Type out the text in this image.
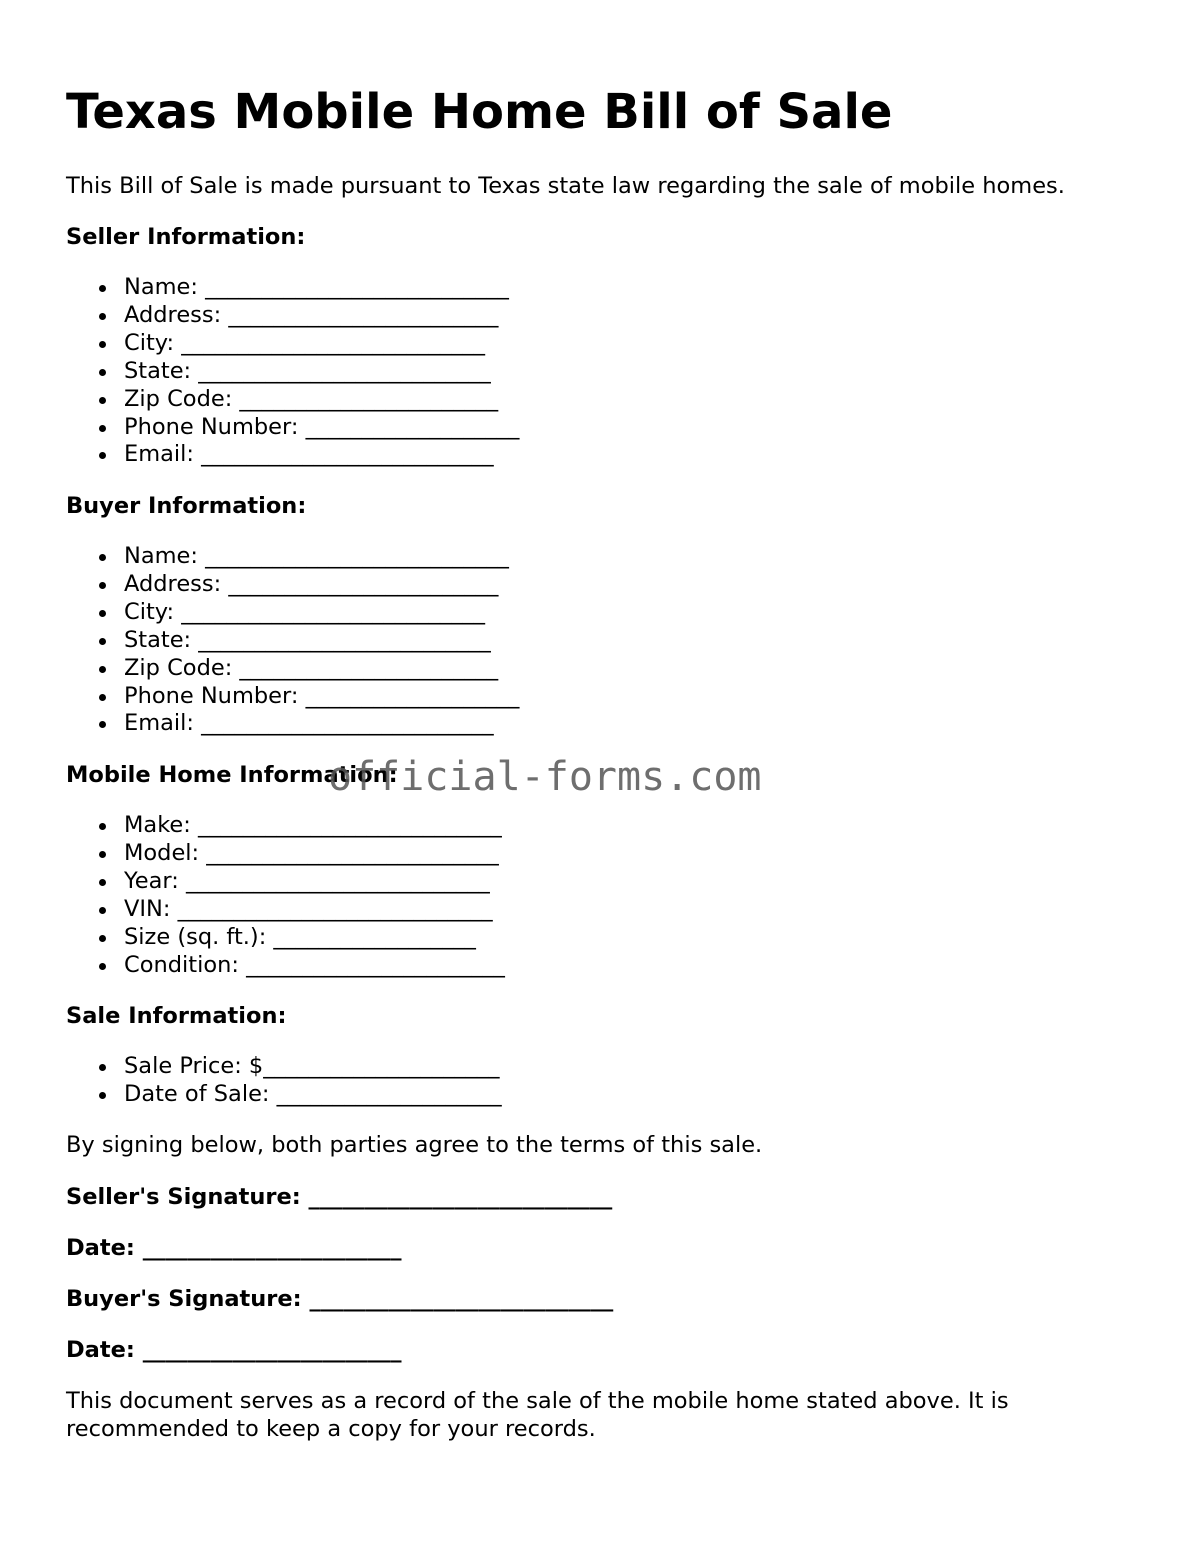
Texas Mobile Home Bill of Sale

This Bill of Sale is made pursuant to Texas state law regarding the sale of mobile homes.

Seller Information:

Name: ___________________________
Address: ________________________
City: ___________________________
State: __________________________
Zip Code: _______________________
Phone Number: ___________________
Email: __________________________

Buyer Information:

Name: ___________________________
Address: ________________________
City: ___________________________
State: __________________________
Zip Code: _______________________
Phone Number: ___________________
Email: __________________________

Mobile Home Information:

Make: ___________________________
Model: __________________________
Year: ___________________________
VIN: ____________________________
Size (sq. ft.): __________________
Condition: _______________________

Sale Information:

Sale Price: $_____________________
Date of Sale: ____________________

By signing below, both parties agree to the terms of this sale.

Seller's Signature: ___________________________

Date: _______________________

Buyer's Signature: ___________________________

Date: _______________________

This document serves as a record of the sale of the mobile home stated above. It is recommended to keep a copy for your records.

official-forms.com
